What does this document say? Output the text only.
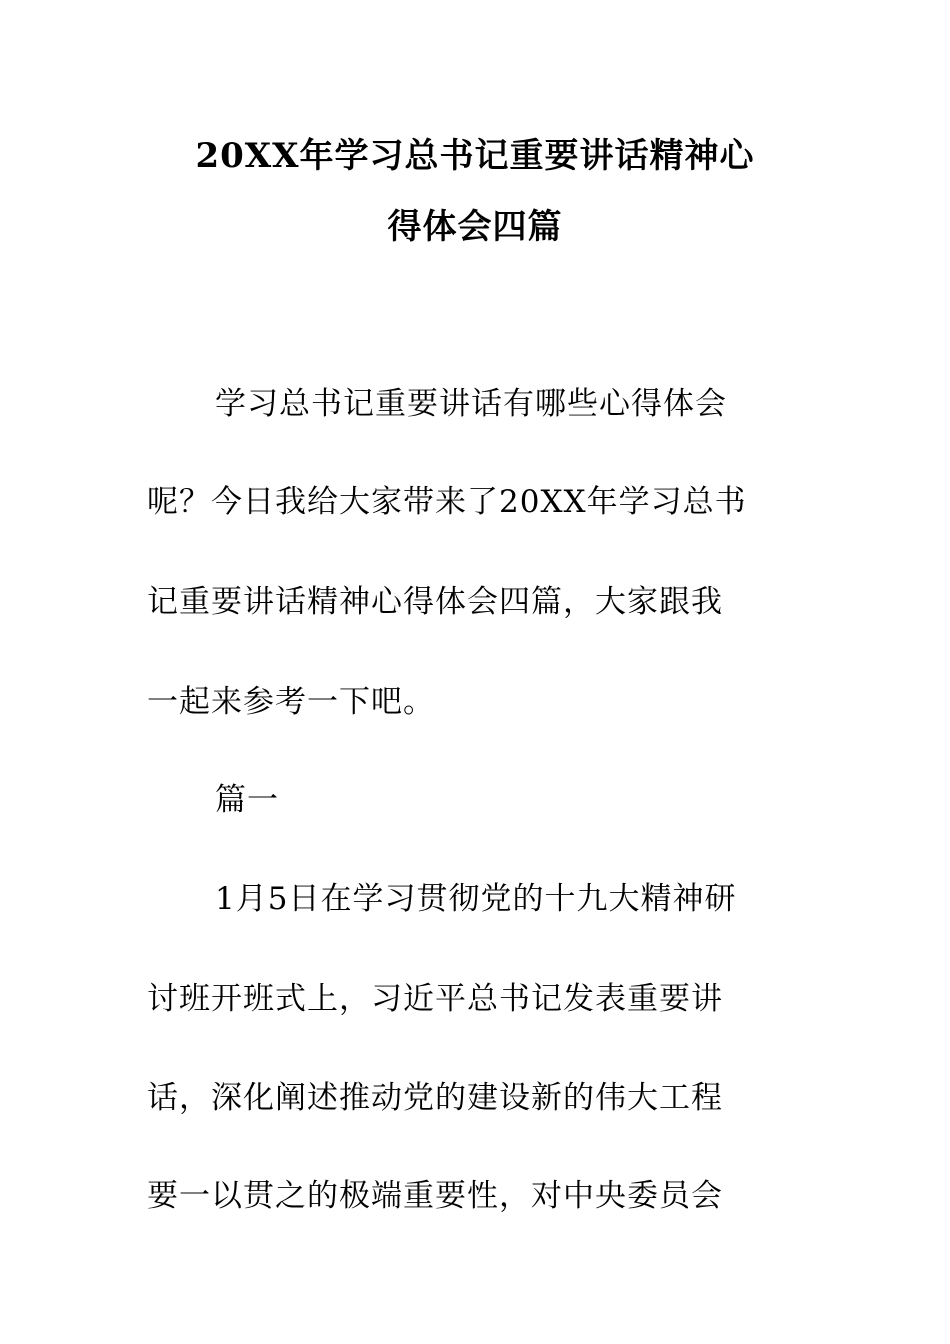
20XX年学习总书记重要讲话精神心
得体会四篇
学习总书记重要讲话有哪些心得体会
呢？今日我给大家带来了20XX年学习总书
记重要讲话精神心得体会四篇，大家跟我
一起来参考一下吧。
篇一
1月5日在学习贯彻党的十九大精神研
讨班开班式上，习近平总书记发表重要讲
话，深化阐述推动党的建设新的伟大工程
要一以贯之的极端重要性，对中央委员会
